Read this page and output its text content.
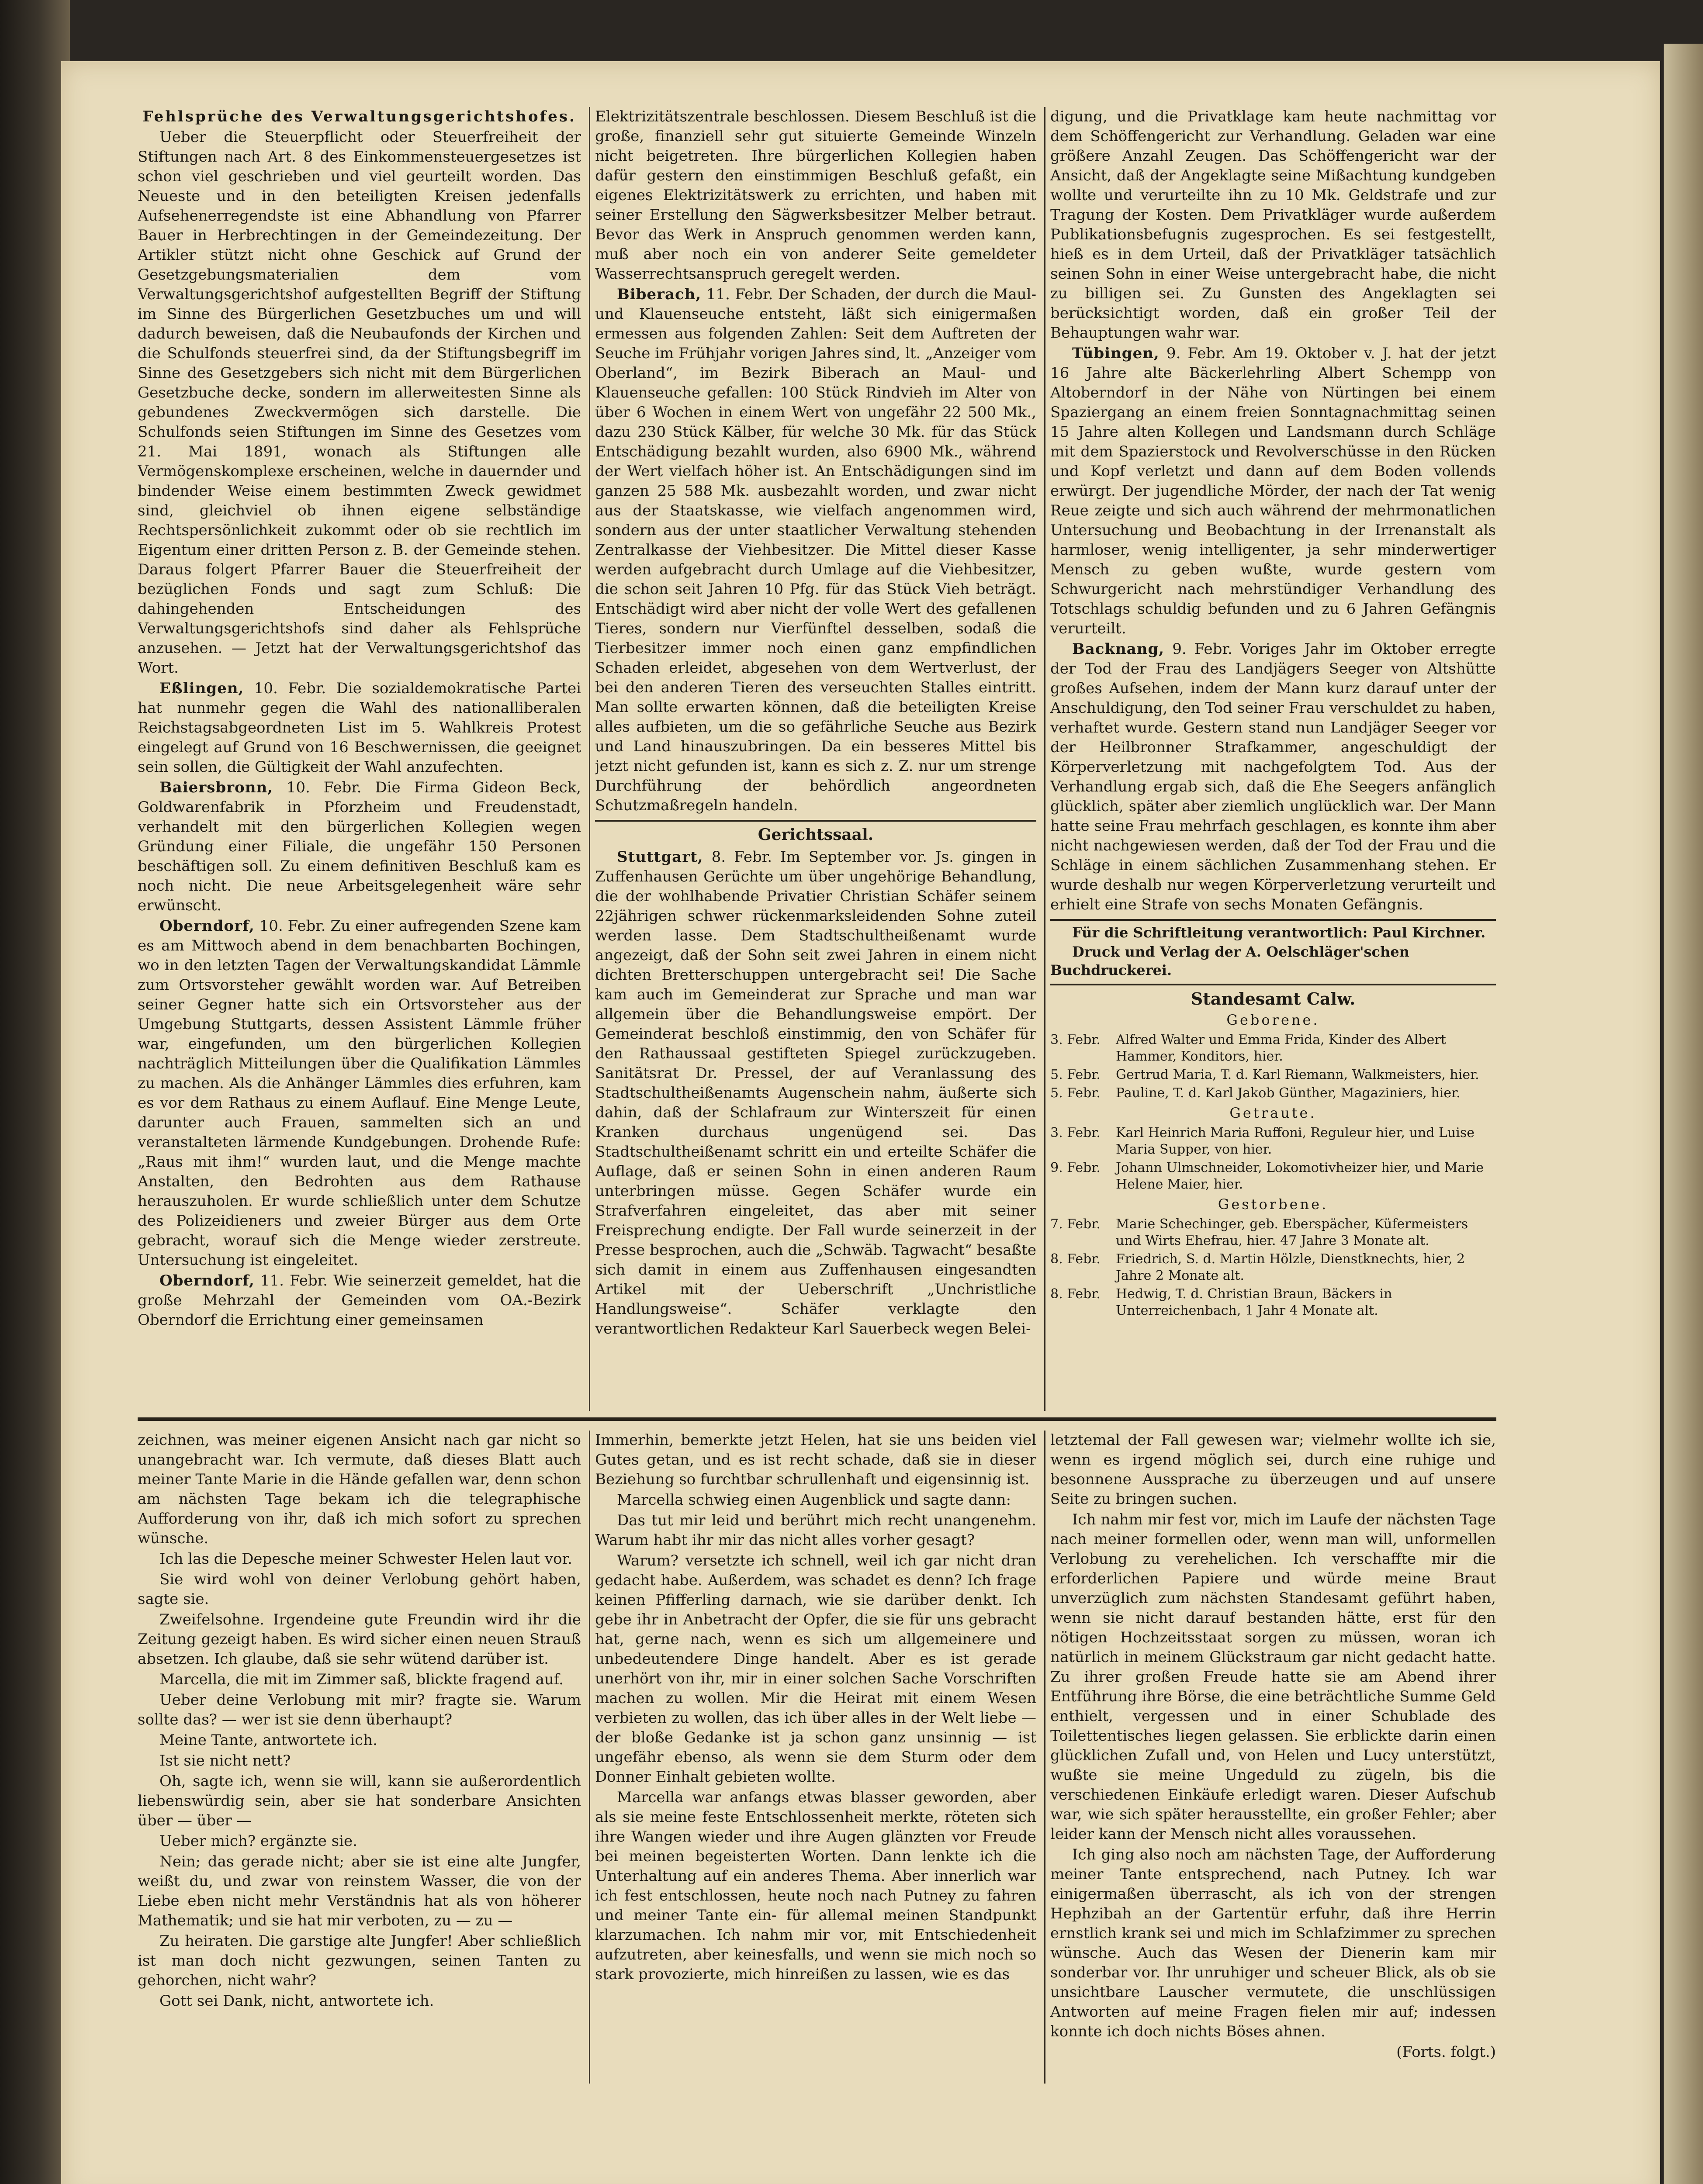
Fehlsprüche des Verwaltungsgerichtshofes.

Ueber die Steuerpflicht oder Steuerfreiheit der Stiftungen nach Art. 8 des Einkommensteuergesetzes ist schon viel geschrieben und viel geurteilt worden. Das Neueste und in den beteiligten Kreisen jedenfalls Aufsehenerregendste ist eine Abhandlung von Pfarrer Bauer in Herbrechtingen in der Gemeindezeitung. Der Artikler stützt nicht ohne Geschick auf Grund der Gesetzgebungsmaterialien dem vom Verwaltungsgerichtshof aufgestellten Begriff der Stiftung im Sinne des Bürgerlichen Gesetzbuches um und will dadurch beweisen, daß die Neubaufonds der Kirchen und die Schulfonds steuerfrei sind, da der Stiftungsbegriff im Sinne des Gesetzgebers sich nicht mit dem Bürgerlichen Gesetzbuche decke, sondern im allerweitesten Sinne als gebundenes Zweckvermögen sich darstelle. Die Schulfonds seien Stiftungen im Sinne des Gesetzes vom 21. Mai 1891, wonach als Stiftungen alle Vermögenskomplexe erscheinen, welche in dauernder und bindender Weise einem bestimmten Zweck gewidmet sind, gleichviel ob ihnen eigene selbständige Rechtspersönlichkeit zukommt oder ob sie rechtlich im Eigentum einer dritten Person z. B. der Gemeinde stehen. Daraus folgert Pfarrer Bauer die Steuerfreiheit der bezüglichen Fonds und sagt zum Schluß: Die dahingehenden Entscheidungen des Verwaltungsgerichtshofs sind daher als Fehlsprüche anzusehen. — Jetzt hat der Verwaltungsgerichtshof das Wort.

Eßlingen, 10. Febr. Die sozialdemokratische Partei hat nunmehr gegen die Wahl des nationalliberalen Reichstagsabgeordneten List im 5. Wahlkreis Protest eingelegt auf Grund von 16 Beschwernissen, die geeignet sein sollen, die Gültigkeit der Wahl anzufechten.

Baiersbronn, 10. Febr. Die Firma Gideon Beck, Goldwarenfabrik in Pforzheim und Freudenstadt, verhandelt mit den bürgerlichen Kollegien wegen Gründung einer Filiale, die ungefähr 150 Personen beschäftigen soll. Zu einem definitiven Beschluß kam es noch nicht. Die neue Arbeitsgelegenheit wäre sehr erwünscht.

Oberndorf, 10. Febr. Zu einer aufregenden Szene kam es am Mittwoch abend in dem benachbarten Bochingen, wo in den letzten Tagen der Verwaltungskandidat Lämmle zum Ortsvorsteher gewählt worden war. Auf Betreiben seiner Gegner hatte sich ein Ortsvorsteher aus der Umgebung Stuttgarts, dessen Assistent Lämmle früher war, eingefunden, um den bürgerlichen Kollegien nachträglich Mitteilungen über die Qualifikation Lämmles zu machen. Als die Anhänger Lämmles dies erfuhren, kam es vor dem Rathaus zu einem Auflauf. Eine Menge Leute, darunter auch Frauen, sammelten sich an und veranstalteten lärmende Kundgebungen. Drohende Rufe: „Raus mit ihm!“ wurden laut, und die Menge machte Anstalten, den Bedrohten aus dem Rathause herauszuholen. Er wurde schließlich unter dem Schutze des Polizeidieners und zweier Bürger aus dem Orte gebracht, worauf sich die Menge wieder zerstreute. Untersuchung ist eingeleitet.

Oberndorf, 11. Febr. Wie seinerzeit gemeldet, hat die große Mehrzahl der Gemeinden vom OA.-Bezirk Oberndorf die Errichtung einer gemeinsamen

Elektrizitätszentrale beschlossen. Diesem Beschluß ist die große, finanziell sehr gut situierte Gemeinde Winzeln nicht beigetreten. Ihre bürgerlichen Kollegien haben dafür gestern den einstimmigen Beschluß gefaßt, ein eigenes Elektrizitätswerk zu errichten, und haben mit seiner Erstellung den Sägwerksbesitzer Melber betraut. Bevor das Werk in Anspruch genommen werden kann, muß aber noch ein von anderer Seite gemeldeter Wasserrechtsanspruch geregelt werden.

Biberach, 11. Febr. Der Schaden, der durch die Maul- und Klauenseuche entsteht, läßt sich einigermaßen ermessen aus folgenden Zahlen: Seit dem Auftreten der Seuche im Frühjahr vorigen Jahres sind, lt. „Anzeiger vom Oberland“, im Bezirk Biberach an Maul- und Klauenseuche gefallen: 100 Stück Rindvieh im Alter von über 6 Wochen in einem Wert von ungefähr 22 500 Mk., dazu 230 Stück Kälber, für welche 30 Mk. für das Stück Entschädigung bezahlt wurden, also 6900 Mk., während der Wert vielfach höher ist. An Entschädigungen sind im ganzen 25 588 Mk. ausbezahlt worden, und zwar nicht aus der Staatskasse, wie vielfach angenommen wird, sondern aus der unter staatlicher Verwaltung stehenden Zentralkasse der Viehbesitzer. Die Mittel dieser Kasse werden aufgebracht durch Umlage auf die Viehbesitzer, die schon seit Jahren 10 Pfg. für das Stück Vieh beträgt. Entschädigt wird aber nicht der volle Wert des gefallenen Tieres, sondern nur Vierfünftel desselben, sodaß die Tierbesitzer immer noch einen ganz empfindlichen Schaden erleidet, abgesehen von dem Wertverlust, der bei den anderen Tieren des verseuchten Stalles eintritt. Man sollte erwarten können, daß die beteiligten Kreise alles aufbieten, um die so gefährliche Seuche aus Bezirk und Land hinauszubringen. Da ein besseres Mittel bis jetzt nicht gefunden ist, kann es sich z. Z. nur um strenge Durchführung der behördlich angeordneten Schutzmaßregeln handeln.

Gerichtssaal.

Stuttgart, 8. Febr. Im September vor. Js. gingen in Zuffenhausen Gerüchte um über ungehörige Behandlung, die der wohlhabende Privatier Christian Schäfer seinem 22jährigen schwer rückenmarksleidenden Sohne zuteil werden lasse. Dem Stadtschultheißenamt wurde angezeigt, daß der Sohn seit zwei Jahren in einem nicht dichten Bretterschuppen untergebracht sei! Die Sache kam auch im Gemeinderat zur Sprache und man war allgemein über die Behandlungsweise empört. Der Gemeinderat beschloß einstimmig, den von Schäfer für den Rathaussaal gestifteten Spiegel zurückzugeben. Sanitätsrat Dr. Pressel, der auf Veranlassung des Stadtschultheißenamts Augenschein nahm, äußerte sich dahin, daß der Schlafraum zur Winterszeit für einen Kranken durchaus ungenügend sei. Das Stadtschultheißenamt schritt ein und erteilte Schäfer die Auflage, daß er seinen Sohn in einen anderen Raum unterbringen müsse. Gegen Schäfer wurde ein Strafverfahren eingeleitet, das aber mit seiner Freisprechung endigte. Der Fall wurde seinerzeit in der Presse besprochen, auch die „Schwäb. Tagwacht“ besaßte sich damit in einem aus Zuffenhausen eingesandten Artikel mit der Ueberschrift „Unchristliche Handlungsweise“. Schäfer verklagte den verantwortlichen Redakteur Karl Sauerbeck wegen Belei-

digung, und die Privatklage kam heute nachmittag vor dem Schöffengericht zur Verhandlung. Geladen war eine größere Anzahl Zeugen. Das Schöffengericht war der Ansicht, daß der Angeklagte seine Mißachtung kundgeben wollte und verurteilte ihn zu 10 Mk. Geldstrafe und zur Tragung der Kosten. Dem Privatkläger wurde außerdem Publikationsbefugnis zugesprochen. Es sei festgestellt, hieß es in dem Urteil, daß der Privatkläger tatsächlich seinen Sohn in einer Weise untergebracht habe, die nicht zu billigen sei. Zu Gunsten des Angeklagten sei berücksichtigt worden, daß ein großer Teil der Behauptungen wahr war.

Tübingen, 9. Febr. Am 19. Oktober v. J. hat der jetzt 16 Jahre alte Bäckerlehrling Albert Schempp von Altoberndorf in der Nähe von Nürtingen bei einem Spaziergang an einem freien Sonntagnachmittag seinen 15 Jahre alten Kollegen und Landsmann durch Schläge mit dem Spazierstock und Revolverschüsse in den Rücken und Kopf verletzt und dann auf dem Boden vollends erwürgt. Der jugendliche Mörder, der nach der Tat wenig Reue zeigte und sich auch während der mehrmonatlichen Untersuchung und Beobachtung in der Irrenanstalt als harmloser, wenig intelligenter, ja sehr minderwertiger Mensch zu geben wußte, wurde gestern vom Schwurgericht nach mehrstündiger Verhandlung des Totschlags schuldig befunden und zu 6 Jahren Gefängnis verurteilt.

Backnang, 9. Febr. Voriges Jahr im Oktober erregte der Tod der Frau des Landjägers Seeger von Altshütte großes Aufsehen, indem der Mann kurz darauf unter der Anschuldigung, den Tod seiner Frau verschuldet zu haben, verhaftet wurde. Gestern stand nun Landjäger Seeger vor der Heilbronner Strafkammer, angeschuldigt der Körperverletzung mit nachgefolgtem Tod. Aus der Verhandlung ergab sich, daß die Ehe Seegers anfänglich glücklich, später aber ziemlich unglücklich war. Der Mann hatte seine Frau mehrfach geschlagen, es konnte ihm aber nicht nachgewiesen werden, daß der Tod der Frau und die Schläge in einem sächlichen Zusammenhang stehen. Er wurde deshalb nur wegen Körperverletzung verurteilt und erhielt eine Strafe von sechs Monaten Gefängnis.

Für die Schriftleitung verantwortlich: Paul Kirchner.

Druck und Verlag der A. Oelschläger'schen Buchdruckerei.

Standesamt Calw.
Geborene.
3. Febr.	Alfred Walter und Emma Frida, Kinder des Albert Hammer, Konditors, hier.
5. Febr.	Gertrud Maria, T. d. Karl Riemann, Walkmeisters, hier.
5. Febr.	Pauline, T. d. Karl Jakob Günther, Magaziniers, hier.
Getraute.
3. Febr.	Karl Heinrich Maria Ruffoni, Reguleur hier, und Luise Maria Supper, von hier.
9. Febr.	Johann Ulmschneider, Lokomotivheizer hier, und Marie Helene Maier, hier.
Gestorbene.
7. Febr.	Marie Schechinger, geb. Eberspächer, Küfermeisters und Wirts Ehefrau, hier. 47 Jahre 3 Monate alt.
8. Febr.	Friedrich, S. d. Martin Hölzle, Dienstknechts, hier, 2 Jahre 2 Monate alt.
8. Febr.	Hedwig, T. d. Christian Braun, Bäckers in Unterreichenbach, 1 Jahr 4 Monate alt.

zeichnen, was meiner eigenen Ansicht nach gar nicht so unangebracht war. Ich vermute, daß dieses Blatt auch meiner Tante Marie in die Hände gefallen war, denn schon am nächsten Tage bekam ich die telegraphische Aufforderung von ihr, daß ich mich sofort zu sprechen wünsche.

Ich las die Depesche meiner Schwester Helen laut vor.

Sie wird wohl von deiner Verlobung gehört haben, sagte sie.

Zweifelsohne. Irgendeine gute Freundin wird ihr die Zeitung gezeigt haben. Es wird sicher einen neuen Strauß absetzen. Ich glaube, daß sie sehr wütend darüber ist.

Marcella, die mit im Zimmer saß, blickte fragend auf.

Ueber deine Verlobung mit mir? fragte sie. Warum sollte das? — wer ist sie denn überhaupt?

Meine Tante, antwortete ich.

Ist sie nicht nett?

Oh, sagte ich, wenn sie will, kann sie außerordentlich liebenswürdig sein, aber sie hat sonderbare Ansichten über — über —

Ueber mich? ergänzte sie.

Nein; das gerade nicht; aber sie ist eine alte Jungfer, weißt du, und zwar von reinstem Wasser, die von der Liebe eben nicht mehr Verständnis hat als von höherer Mathematik; und sie hat mir verboten, zu — zu —

Zu heiraten. Die garstige alte Jungfer! Aber schließlich ist man doch nicht gezwungen, seinen Tanten zu gehorchen, nicht wahr?

Gott sei Dank, nicht, antwortete ich.

Immerhin, bemerkte jetzt Helen, hat sie uns beiden viel Gutes getan, und es ist recht schade, daß sie in dieser Beziehung so furchtbar schrullenhaft und eigensinnig ist.

Marcella schwieg einen Augenblick und sagte dann:

Das tut mir leid und berührt mich recht unangenehm. Warum habt ihr mir das nicht alles vorher gesagt?

Warum? versetzte ich schnell, weil ich gar nicht dran gedacht habe. Außerdem, was schadet es denn? Ich frage keinen Pfifferling darnach, wie sie darüber denkt. Ich gebe ihr in Anbetracht der Opfer, die sie für uns gebracht hat, gerne nach, wenn es sich um allgemeinere und unbedeutendere Dinge handelt. Aber es ist gerade unerhört von ihr, mir in einer solchen Sache Vorschriften machen zu wollen. Mir die Heirat mit einem Wesen verbieten zu wollen, das ich über alles in der Welt liebe — der bloße Gedanke ist ja schon ganz unsinnig — ist ungefähr ebenso, als wenn sie dem Sturm oder dem Donner Einhalt gebieten wollte.

Marcella war anfangs etwas blasser geworden, aber als sie meine feste Entschlossenheit merkte, röteten sich ihre Wangen wieder und ihre Augen glänzten vor Freude bei meinen begeisterten Worten. Dann lenkte ich die Unterhaltung auf ein anderes Thema. Aber innerlich war ich fest entschlossen, heute noch nach Putney zu fahren und meiner Tante ein- für allemal meinen Standpunkt klarzumachen. Ich nahm mir vor, mit Entschiedenheit aufzutreten, aber keinesfalls, und wenn sie mich noch so stark provozierte, mich hinreißen zu lassen, wie es das

letztemal der Fall gewesen war; vielmehr wollte ich sie, wenn es irgend möglich sei, durch eine ruhige und besonnene Aussprache zu überzeugen und auf unsere Seite zu bringen suchen.

Ich nahm mir fest vor, mich im Laufe der nächsten Tage nach meiner formellen oder, wenn man will, unformellen Verlobung zu verehelichen. Ich verschaffte mir die erforderlichen Papiere und würde meine Braut unverzüglich zum nächsten Standesamt geführt haben, wenn sie nicht darauf bestanden hätte, erst für den nötigen Hochzeitsstaat sorgen zu müssen, woran ich natürlich in meinem Glückstraum gar nicht gedacht hatte. Zu ihrer großen Freude hatte sie am Abend ihrer Entführung ihre Börse, die eine beträchtliche Summe Geld enthielt, vergessen und in einer Schublade des Toilettentisches liegen gelassen. Sie erblickte darin einen glücklichen Zufall und, von Helen und Lucy unterstützt, wußte sie meine Ungeduld zu zügeln, bis die verschiedenen Einkäufe erledigt waren. Dieser Aufschub war, wie sich später herausstellte, ein großer Fehler; aber leider kann der Mensch nicht alles voraussehen.

Ich ging also noch am nächsten Tage, der Aufforderung meiner Tante entsprechend, nach Putney. Ich war einigermaßen überrascht, als ich von der strengen Hephzibah an der Gartentür erfuhr, daß ihre Herrin ernstlich krank sei und mich im Schlafzimmer zu sprechen wünsche. Auch das Wesen der Dienerin kam mir sonderbar vor. Ihr unruhiger und scheuer Blick, als ob sie unsichtbare Lauscher vermutete, die unschlüssigen Antworten auf meine Fragen fielen mir auf; indessen konnte ich doch nichts Böses ahnen.

(Forts. folgt.)
